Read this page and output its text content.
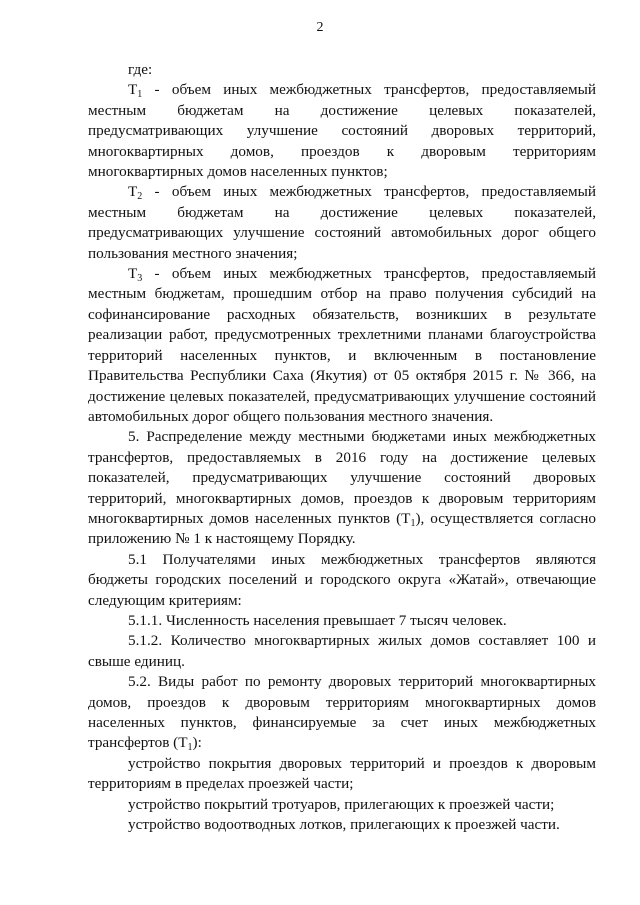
2

где:

$Т_1$ - объем иных межбюджетных трансфертов, предоставляемый местным бюджетам на достижение целевых показателей, предусматривающих улучшение состояний дворовых территорий, многоквартирных домов, проездов к дворовым территориям многоквартирных домов населенных пунктов;

$Т_2$ - объем иных межбюджетных трансфертов, предоставляемый местным бюджетам на достижение целевых показателей, предусматривающих улучшение состояний автомобильных дорог общего пользования местного значения;

$Т_3$ - объем иных межбюджетных трансфертов, предоставляемый местным бюджетам, прошедшим отбор на право получения субсидий на софинансирование расходных обязательств, возникших в результате реализации работ, предусмотренных трехлетними планами благоустройства территорий населенных пунктов, и включенным в постановление Правительства Республики Саха (Якутия) от 05 октября 2015 г. № 366, на достижение целевых показателей, предусматривающих улучшение состояний автомобильных дорог общего пользования местного значения.

5. Распределение между местными бюджетами иных межбюджетных трансфертов, предоставляемых в 2016 году на достижение целевых показателей, предусматривающих улучшение состояний дворовых территорий, многоквартирных домов, проездов к дворовым территориям многоквартирных домов населенных пунктов $(Т_1)$, осуществляется согласно приложению № 1 к настоящему Порядку.

5.1 Получателями иных межбюджетных трансфертов являются бюджеты городских поселений и городского округа «Жатай», отвечающие следующим критериям:

5.1.1. Численность населения превышает 7 тысяч человек.

5.1.2. Количество многоквартирных жилых домов составляет 100 и свыше единиц.

5.2. Виды работ по ремонту дворовых территорий многоквартирных домов, проездов к дворовым территориям многоквартирных домов населенных пунктов, финансируемые за счет иных межбюджетных трансфертов $(Т_1)$:

устройство покрытия дворовых территорий и проездов к дворовым территориям в пределах проезжей части;

устройство покрытий тротуаров, прилегающих к проезжей части;

устройство водоотводных лотков, прилегающих к проезжей части.
